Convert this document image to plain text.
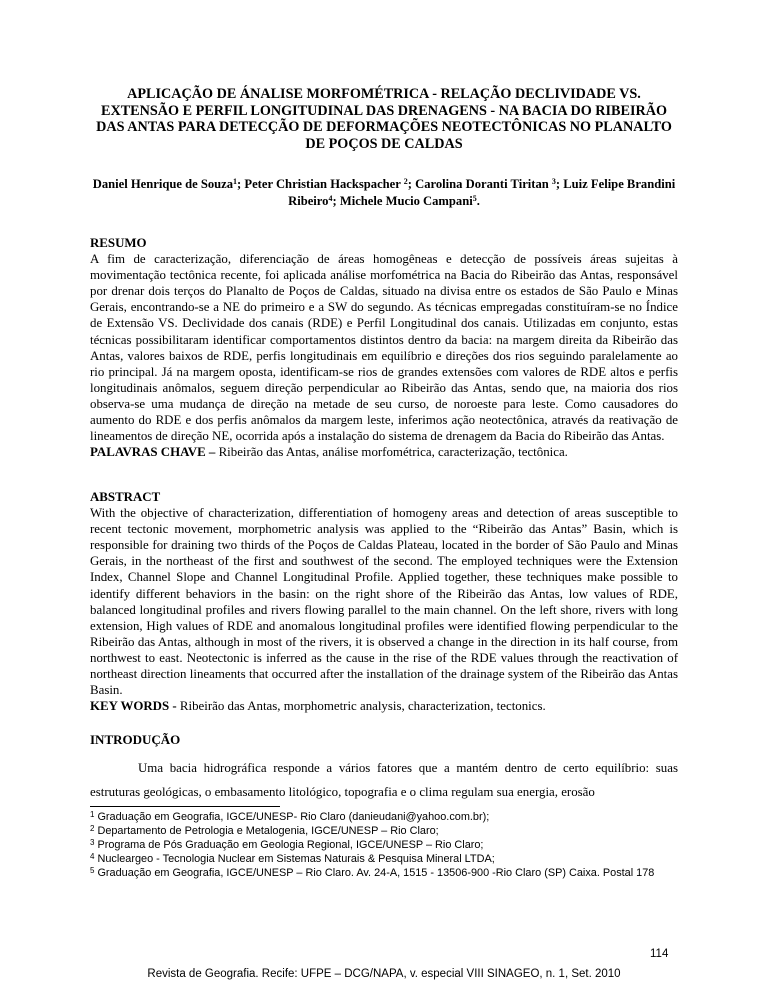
APLICAÇÃO DE ÁNALISE MORFOMÉTRICA - RELAÇÃO DECLIVIDADE VS. EXTENSÃO E PERFIL LONGITUDINAL DAS DRENAGENS - NA BACIA DO RIBEIRÃO DAS ANTAS PARA DETECÇÃO DE DEFORMAÇÕES NEOTECTÔNICAS NO PLANALTO DE POÇOS DE CALDAS
Daniel Henrique de Souza$^1$; Peter Christian Hackspacher $^2$; Carolina Doranti Tiritan $^3$; Luiz Felipe Brandini Ribeiro$^4$; Michele Mucio Campani$^5$.
RESUMO
A fim de caracterização, diferenciação de áreas homogêneas e detecção de possíveis áreas sujeitas à movimentação tectônica recente, foi aplicada análise morfométrica na Bacia do Ribeirão das Antas, responsável por drenar dois terços do Planalto de Poços de Caldas, situado na divisa entre os estados de São Paulo e Minas Gerais, encontrando-se a NE do primeiro e a SW do segundo. As técnicas empregadas constituíram-se no Índice de Extensão VS. Declividade dos canais (RDE) e Perfil Longitudinal dos canais. Utilizadas em conjunto, estas técnicas possibilitaram identificar comportamentos distintos dentro da bacia: na margem direita da Ribeirão das Antas, valores baixos de RDE, perfis longitudinais em equilíbrio e direções dos rios seguindo paralelamente ao rio principal. Já na margem oposta, identificam-se rios de grandes extensões com valores de RDE altos e perfis longitudinais anômalos, seguem direção perpendicular ao Ribeirão das Antas, sendo que, na maioria dos rios observa-se uma mudança de direção na metade de seu curso, de noroeste para leste. Como causadores do aumento do RDE e dos perfis anômalos da margem leste, inferimos ação neotectônica, através da reativação de lineamentos de direção NE, ocorrida após a instalação do sistema de drenagem da Bacia do Ribeirão das Antas.
PALAVRAS CHAVE – Ribeirão das Antas, análise morfométrica, caracterização, tectônica.
ABSTRACT
With the objective of characterization, differentiation of homogeny areas and detection of areas susceptible to recent tectonic movement, morphometric analysis was applied to the “Ribeirão das Antas” Basin, which is responsible for draining two thirds of the Poços de Caldas Plateau, located in the border of São Paulo and Minas Gerais, in the northeast of the first and southwest of the second. The employed techniques were the Extension Index, Channel Slope and Channel Longitudinal Profile. Applied together, these techniques make possible to identify different behaviors in the basin: on the right shore of the Ribeirão das Antas, low values of RDE, balanced longitudinal profiles and rivers flowing parallel to the main channel. On the left shore, rivers with long extension, High values of RDE and anomalous longitudinal profiles were identified flowing perpendicular to the Ribeirão das Antas, although in most of the rivers, it is observed a change in the direction in its half course, from northwest to east. Neotectonic is inferred as the cause in the rise of the RDE values through the reactivation of northeast direction lineaments that occurred after the installation of the drainage system of the Ribeirão das Antas Basin.
KEY WORDS - Ribeirão das Antas, morphometric analysis, characterization, tectonics.
INTRODUÇÃO
Uma bacia hidrográfica responde a vários fatores que a mantém dentro de certo equilíbrio: suas estruturas geológicas, o embasamento litológico, topografia e o clima regulam sua energia, erosão
$^1$ Graduação em Geografia, IGCE/UNESP- Rio Claro (danieudani@yahoo.com.br);
$^2$ Departamento de Petrologia e Metalogenia, IGCE/UNESP – Rio Claro;
$^3$ Programa de Pós Graduação em Geologia Regional, IGCE/UNESP – Rio Claro;
$^4$ Nucleargeo - Tecnologia Nuclear em Sistemas Naturais & Pesquisa Mineral LTDA;
$^5$ Graduação em Geografia, IGCE/UNESP – Rio Claro. Av. 24-A, 1515 - 13506-900 -Rio Claro (SP) Caixa. Postal 178
114
Revista de Geografia. Recife: UFPE – DCG/NAPA, v. especial VIII SINAGEO, n. 1, Set. 2010
